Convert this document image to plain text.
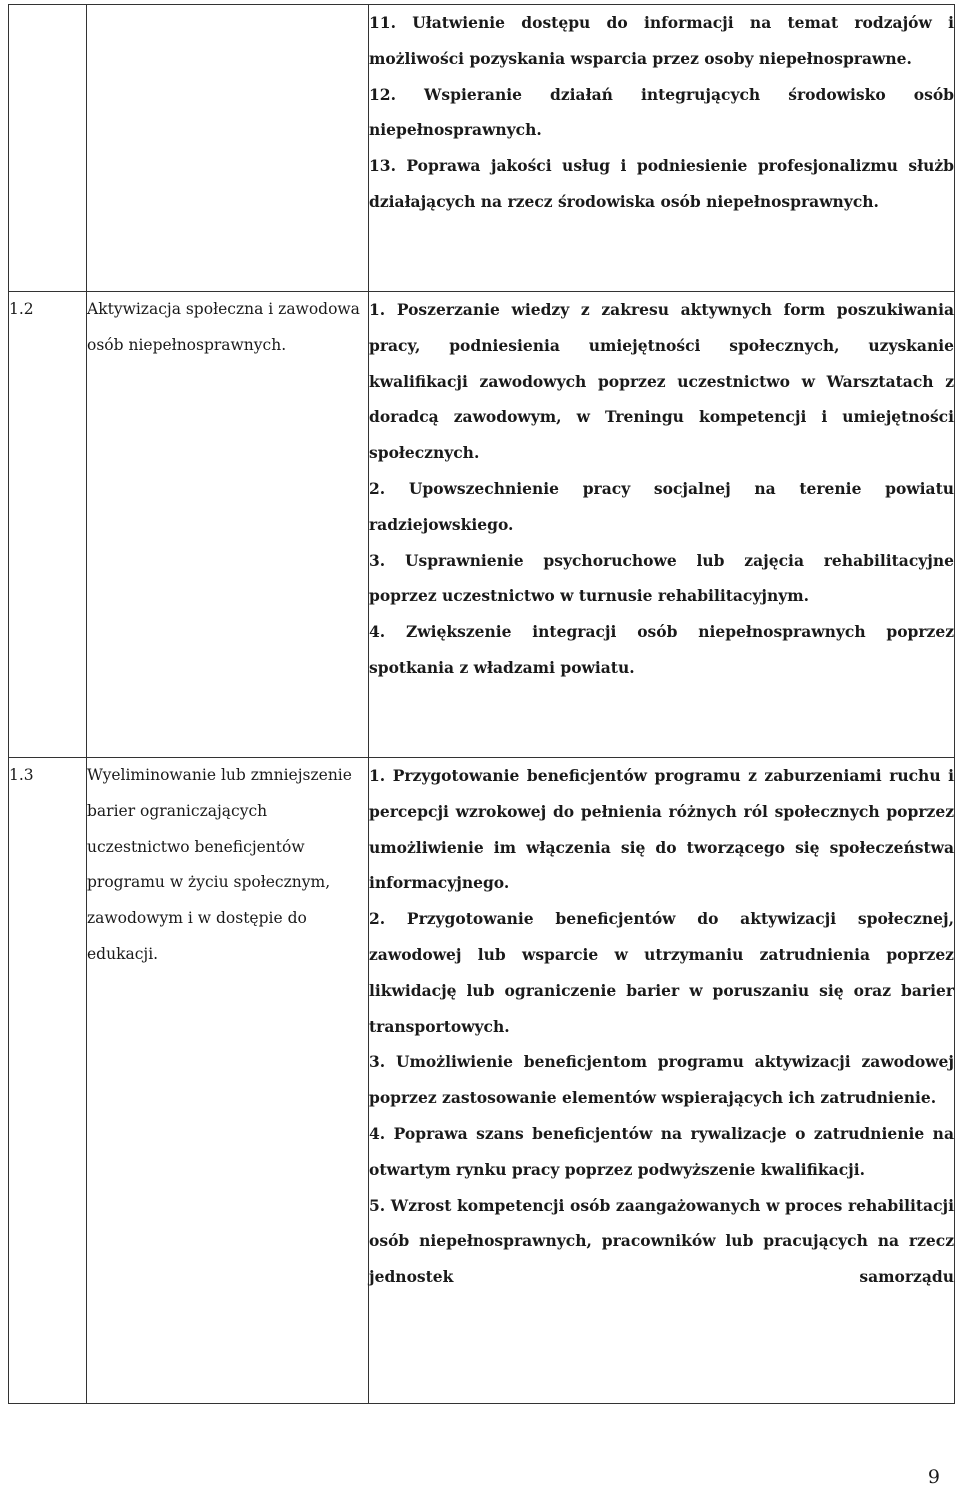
		11. Ułatwienie dostępu do informacji na temat rodzajów i możliwości pozyskania wsparcia przez osoby niepełnosprawne.

12. Wspieranie działań integrujących środowisko osób niepełnosprawnych.

13. Poprawa jakości usług i podniesienie profesjonalizmu służb działających na rzecz środowiska osób niepełnosprawnych.

1.2	Aktywizacja społeczna i zawodowa osób niepełnosprawnych.	1. Poszerzanie wiedzy z zakresu aktywnych form poszukiwania pracy, podniesienia umiejętności społecznych, uzyskanie kwalifikacji zawodowych poprzez uczestnictwo w Warsztatach z doradcą zawodowym, w Treningu kompetencji i umiejętności społecznych.

2. Upowszechnienie pracy socjalnej na terenie powiatu radziejowskiego.

3. Usprawnienie psychoruchowe lub zajęcia rehabilitacyjne poprzez uczestnictwo w turnusie rehabilitacyjnym.

4. Zwiększenie integracji osób niepełnosprawnych poprzez spotkania z władzami powiatu.

1.3	Wyeliminowanie lub zmniejszenie barier ograniczających uczestnictwo beneficjentów programu w życiu społecznym, zawodowym i w dostępie do edukacji.	1. Przygotowanie beneficjentów programu z zaburzeniami ruchu i percepcji wzrokowej do pełnienia różnych ról społecznych poprzez umożliwienie im włączenia się do tworzącego się społeczeństwa informacyjnego.

2. Przygotowanie beneficjentów do aktywizacji społecznej, zawodowej lub wsparcie w utrzymaniu zatrudnienia poprzez likwidację lub ograniczenie barier w poruszaniu się oraz barier transportowych.

3. Umożliwienie beneficjentom programu aktywizacji zawodowej poprzez zastosowanie elementów wspierających ich zatrudnienie.

4. Poprawa szans beneficjentów na rywalizacje o zatrudnienie na otwartym rynku pracy poprzez podwyższenie kwalifikacji.

5. Wzrost kompetencji osób zaangażowanych w proces rehabilitacji osób niepełnosprawnych, pracowników lub pracujących na rzecz jednostek samorządu

9
